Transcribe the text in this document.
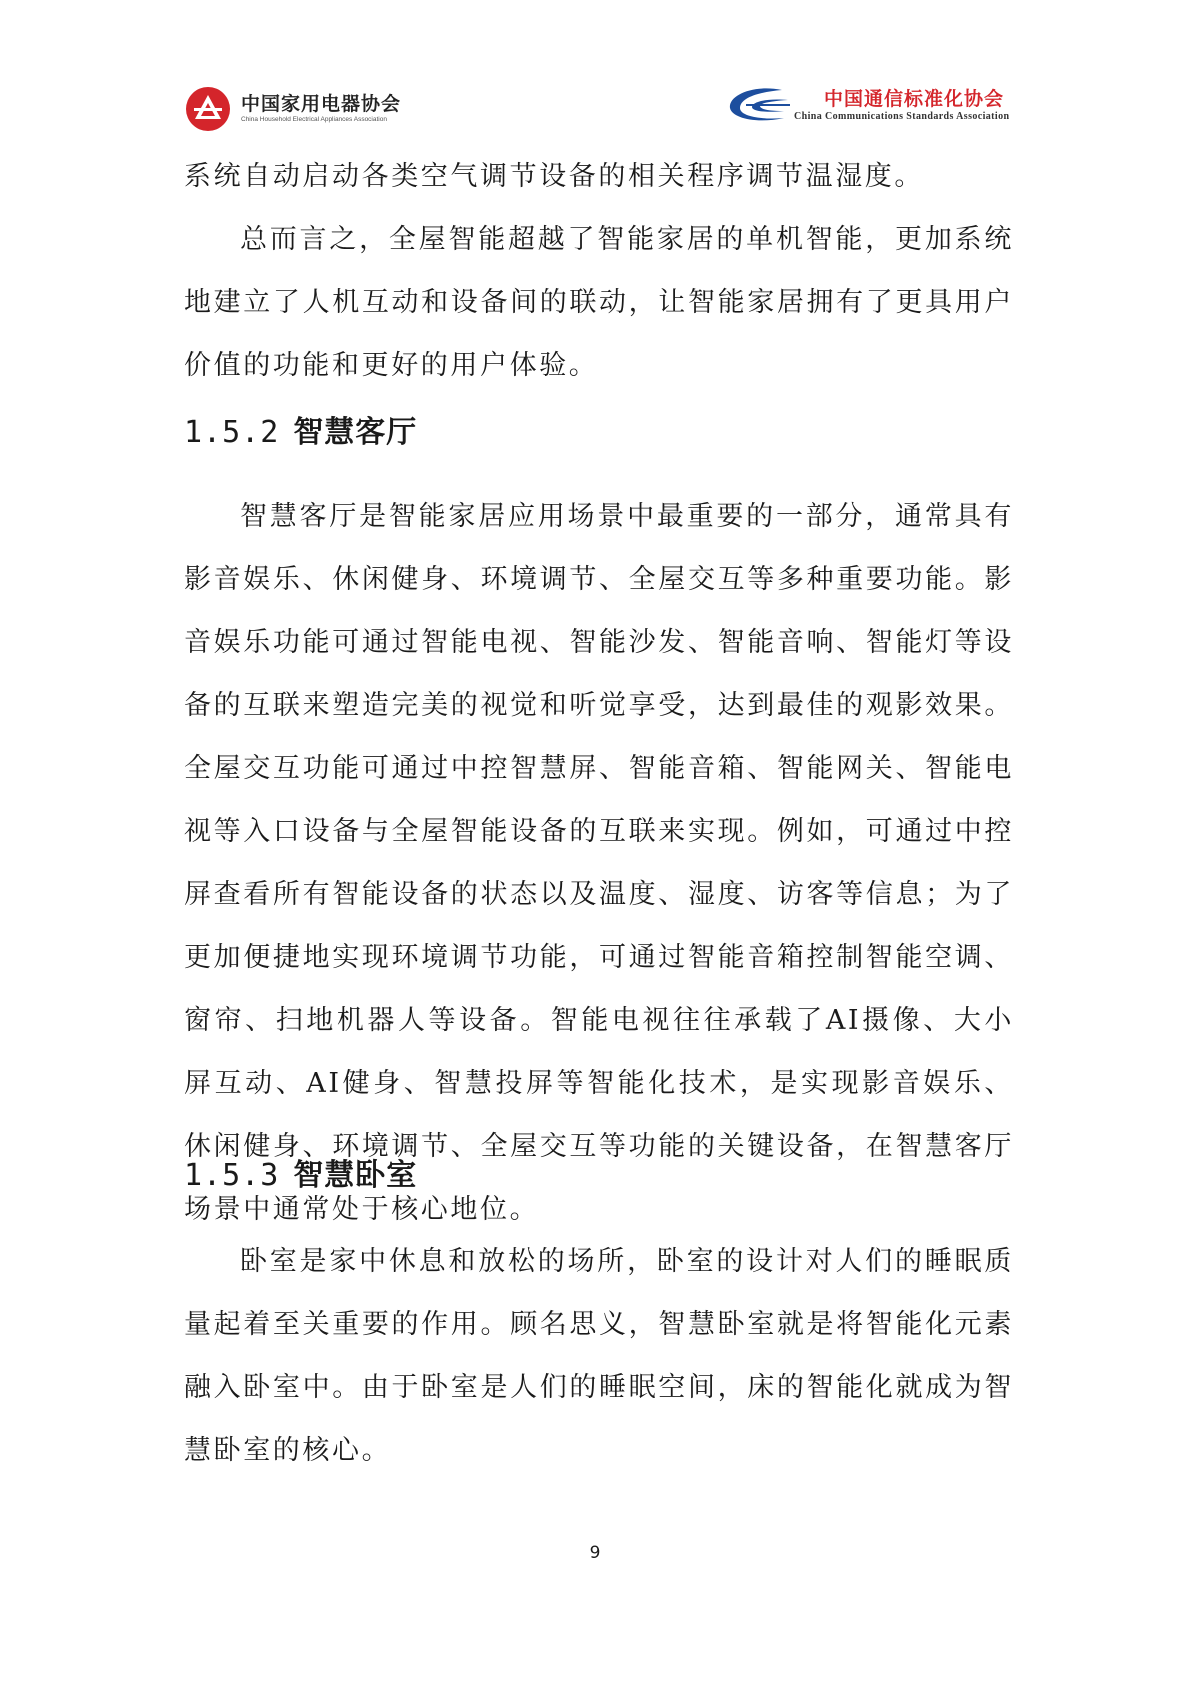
中国家用电器协会
China Household Electrical Appliances Association
中国通信标准化协会
China Communications Standards Association

系统自动启动各类空气调节设备的相关程序调节温湿度。

总而言之，全屋智能超越了智能家居的单机智能，更加系统地建立了人机互动和设备间的联动，让智能家居拥有了更具用户价值的功能和更好的用户体验。

1.5.2 智慧客厅

智慧客厅是智能家居应用场景中最重要的一部分，通常具有影音娱乐、休闲健身、环境调节、全屋交互等多种重要功能。影音娱乐功能可通过智能电视、智能沙发、智能音响、智能灯等设备的互联来塑造完美的视觉和听觉享受，达到最佳的观影效果。全屋交互功能可通过中控智慧屏、智能音箱、智能网关、智能电视等入口设备与全屋智能设备的互联来实现。例如，可通过中控屏查看所有智能设备的状态以及温度、湿度、访客等信息；为了更加便捷地实现环境调节功能，可通过智能音箱控制智能空调、窗帘、扫地机器人等设备。智能电视往往承载了AI摄像、大小屏互动、AI健身、智慧投屏等智能化技术，是实现影音娱乐、休闲健身、环境调节、全屋交互等功能的关键设备，在智慧客厅场景中通常处于核心地位。

1.5.3 智慧卧室

卧室是家中休息和放松的场所，卧室的设计对人们的睡眠质量起着至关重要的作用。顾名思义，智慧卧室就是将智能化元素融入卧室中。由于卧室是人们的睡眠空间，床的智能化就成为智慧卧室的核心。

9
